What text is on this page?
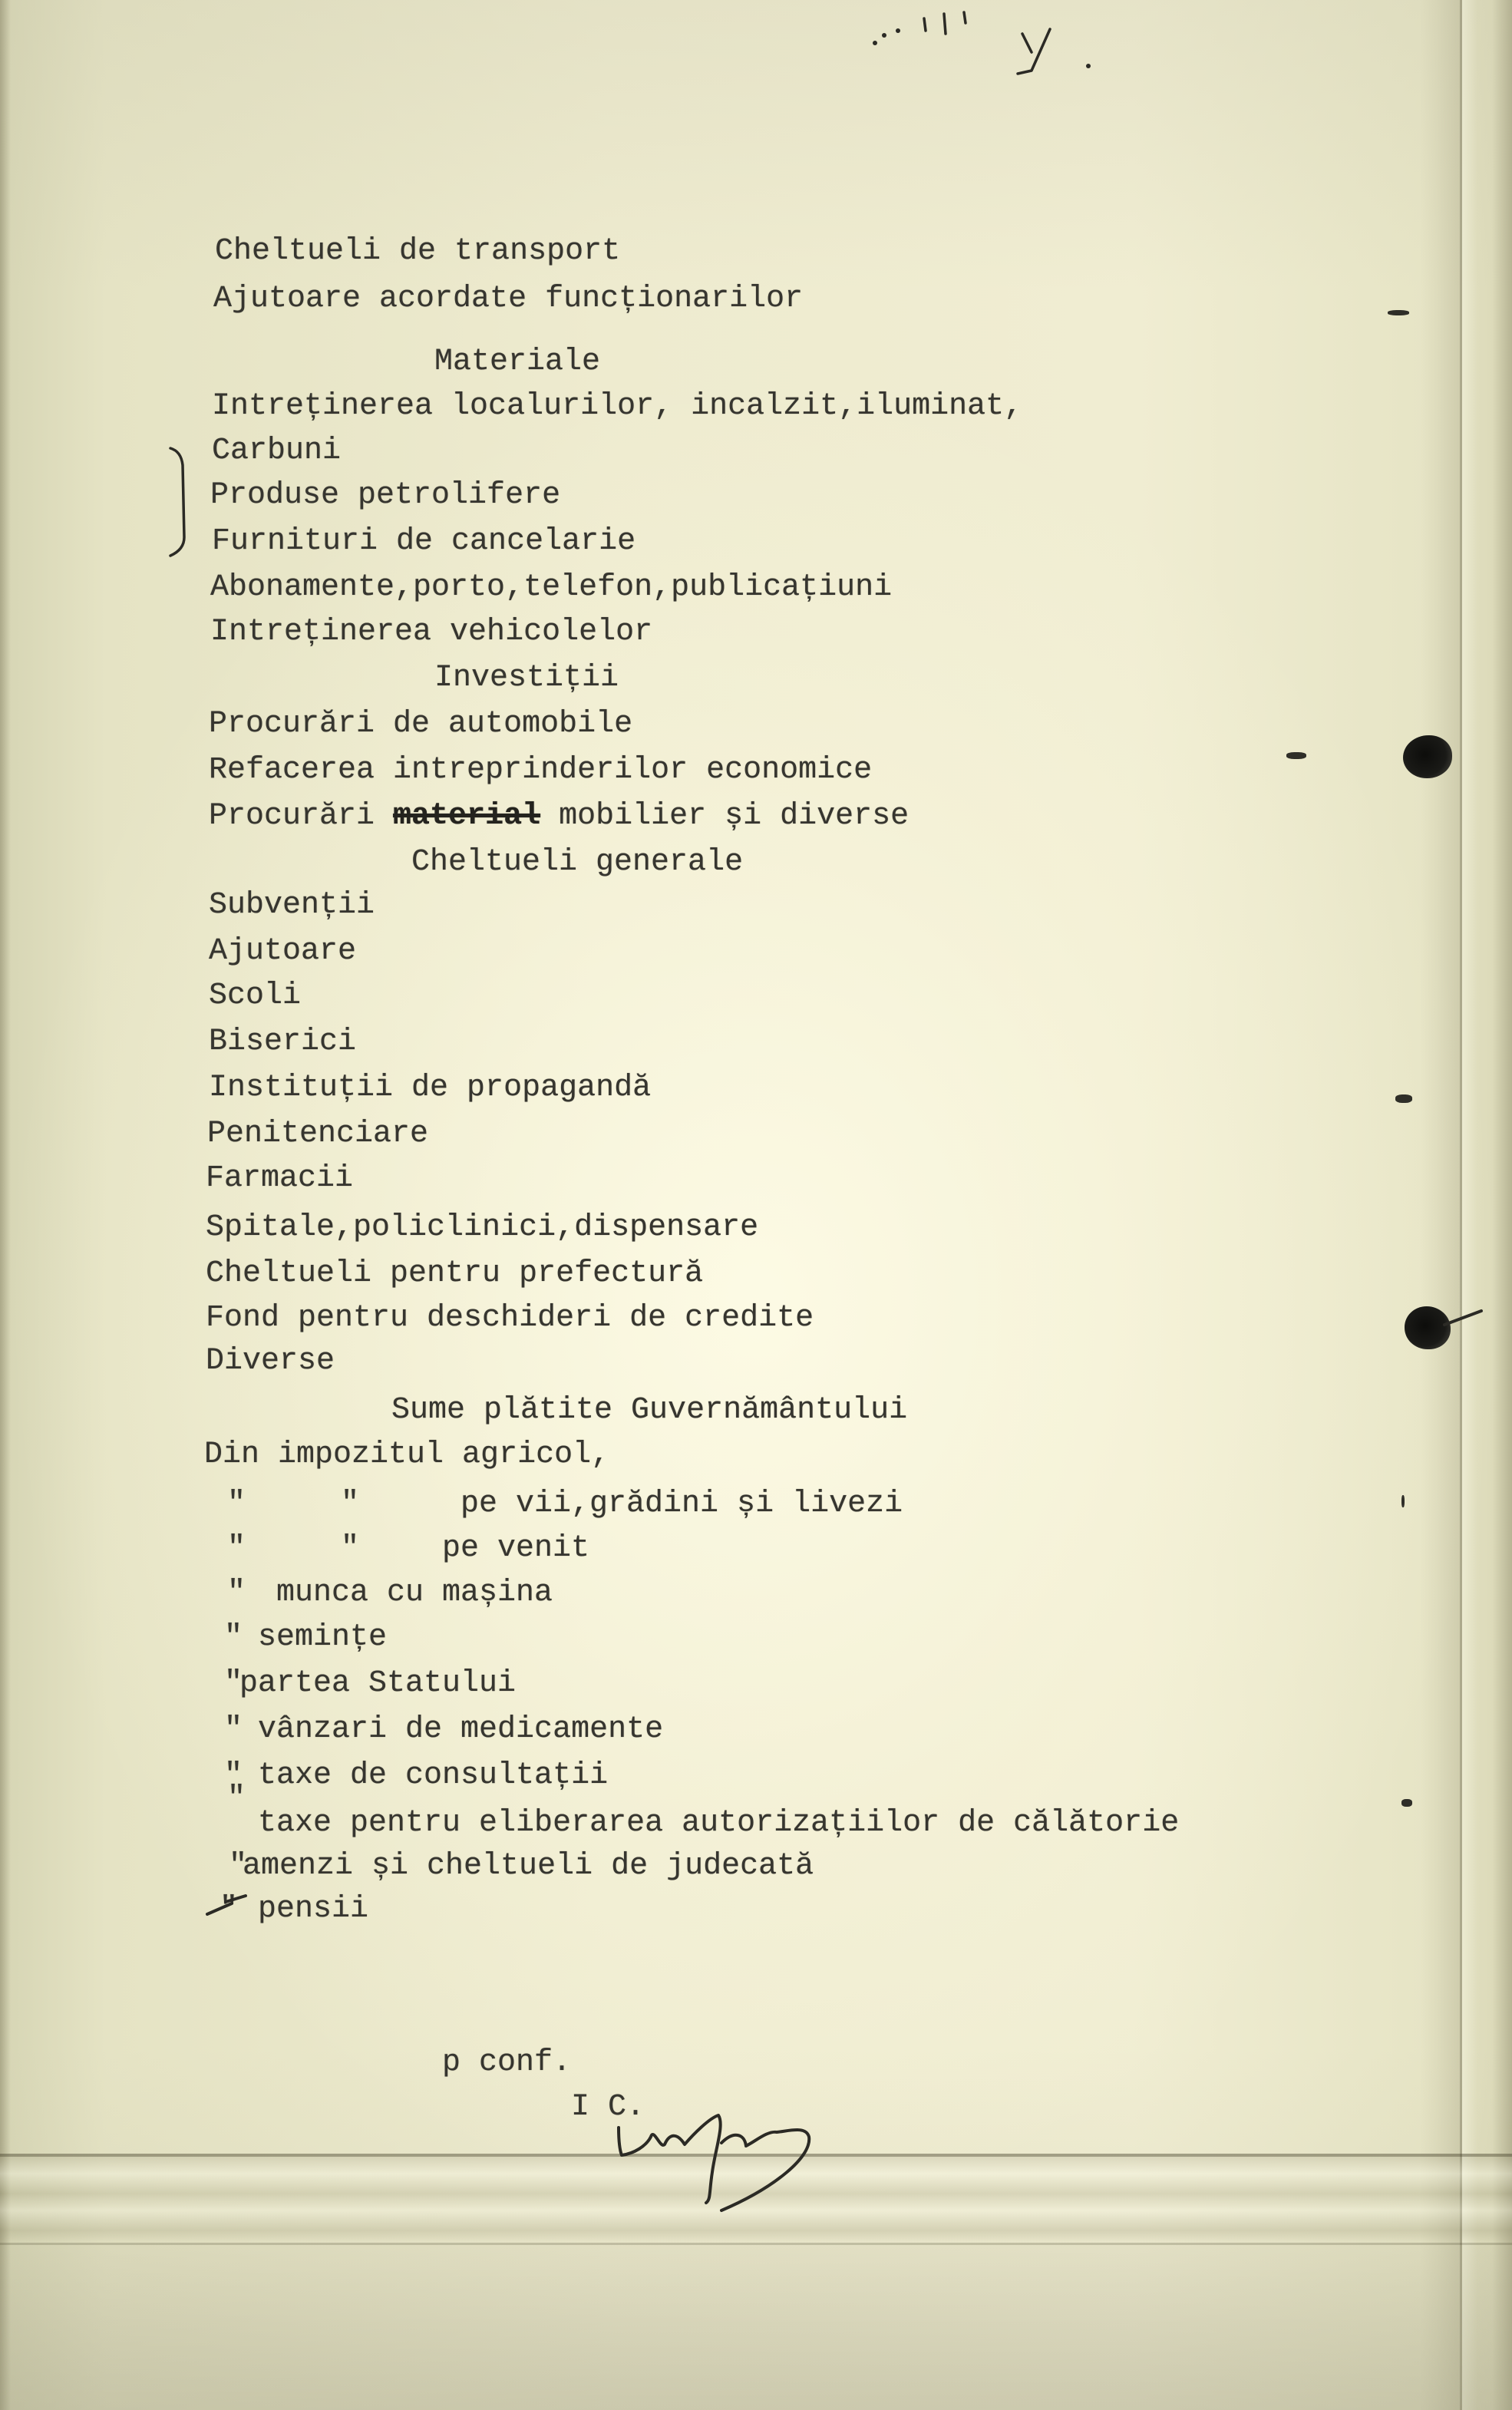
Cheltueli de transport
Ajutoare acordate funcționarilor
Materiale
Intreținerea localurilor, incalzit,iluminat,
Carbuni
Produse petrolifere
Furnituri de cancelarie
Abonamente,porto,telefon,publicațiuni
Intreținerea vehicolelor
Investiții
Procurări de automobile
Refacerea intreprinderilor economice
Procurări material mobilier și diverse
Cheltueli generale
Subvenții
Ajutoare
Scoli
Biserici
Instituții de propagandă
Penitenciare
Farmacii
Spitale,policlinici,dispensare
Cheltueli pentru prefectură
Fond pentru deschideri de credite
Diverse
Sume plătite Guvernământului
Din impozitul agricol,
"	"	pe vii,grădini și livezi
"	"	pe venit
" munca cu mașina
" semințe
"
partea Statului
" vânzari de medicamente
" taxe de consultații
"
taxe pentru eliberarea autorizațiilor de călătorie
"
amenzi și cheltueli de judecată
" pensii
p conf.
I C.
